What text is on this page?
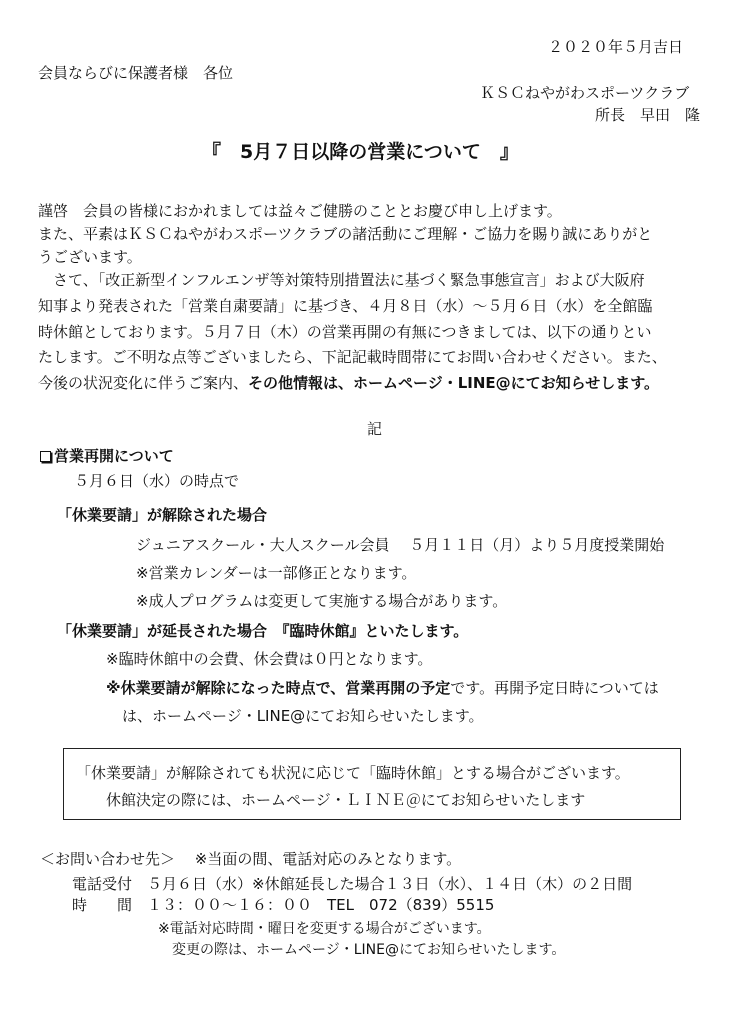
２０２０年５月吉日
会員ならびに保護者様　各位
ＫＳＣねやがわスポーツクラブ
所長　早田　隆
『　5月７日以降の営業について　』
謹啓　会員の皆様におかれましては益々ご健勝のこととお慶び申し上げます。
また、平素はＫＳＣねやがわスポーツクラブの諸活動にご理解・ご協力を賜り誠にありがと
うございます。
　さて、「改正新型インフルエンザ等対策特別措置法に基づく緊急事態宣言」および大阪府
知事より発表された「営業自粛要請」に基づき、４月８日（水）～５月６日（水）を全館臨
時休館としております。５月７日（木）の営業再開の有無につきましては、以下の通りとい
たします。ご不明な点等ございましたら、下記記載時間帯にてお問い合わせください。また、
今後の状況変化に伴うご案内、その他情報は、ホームページ・LINE@にてお知らせします。
記
営業再開について
５月６日（水）の時点で
「休業要請」が解除された場合
ジュニアスクール・大人スクール会員　 ５月１１日（月）より５月度授業開始
※営業カレンダーは一部修正となります。
※成人プログラムは変更して実施する場合があります。
「休業要請」が延長された場合　『臨時休館』といたします。
※臨時休館中の会費、休会費は０円となります。
※休業要請が解除になった時点で、営業再開の予定です。再開予定日時については
は、ホームページ・LINE@にてお知らせいたします。
「休業要請」が解除されても状況に応じて「臨時休館」とする場合がございます。
休館決定の際には、ホームページ・ＬＩＮＥ＠にてお知らせいたします
＜お問い合わせ先＞　 ※当面の間、電話対応のみとなります。
電話受付　５月６日（水）※休館延長した場合１３日（水）、１４日（木）の２日間
時　　間　１３：００～１６：００　TEL　072（839）5515
※電話対応時間・曜日を変更する場合がございます。
変更の際は、ホームページ・LINE@にてお知らせいたします。
